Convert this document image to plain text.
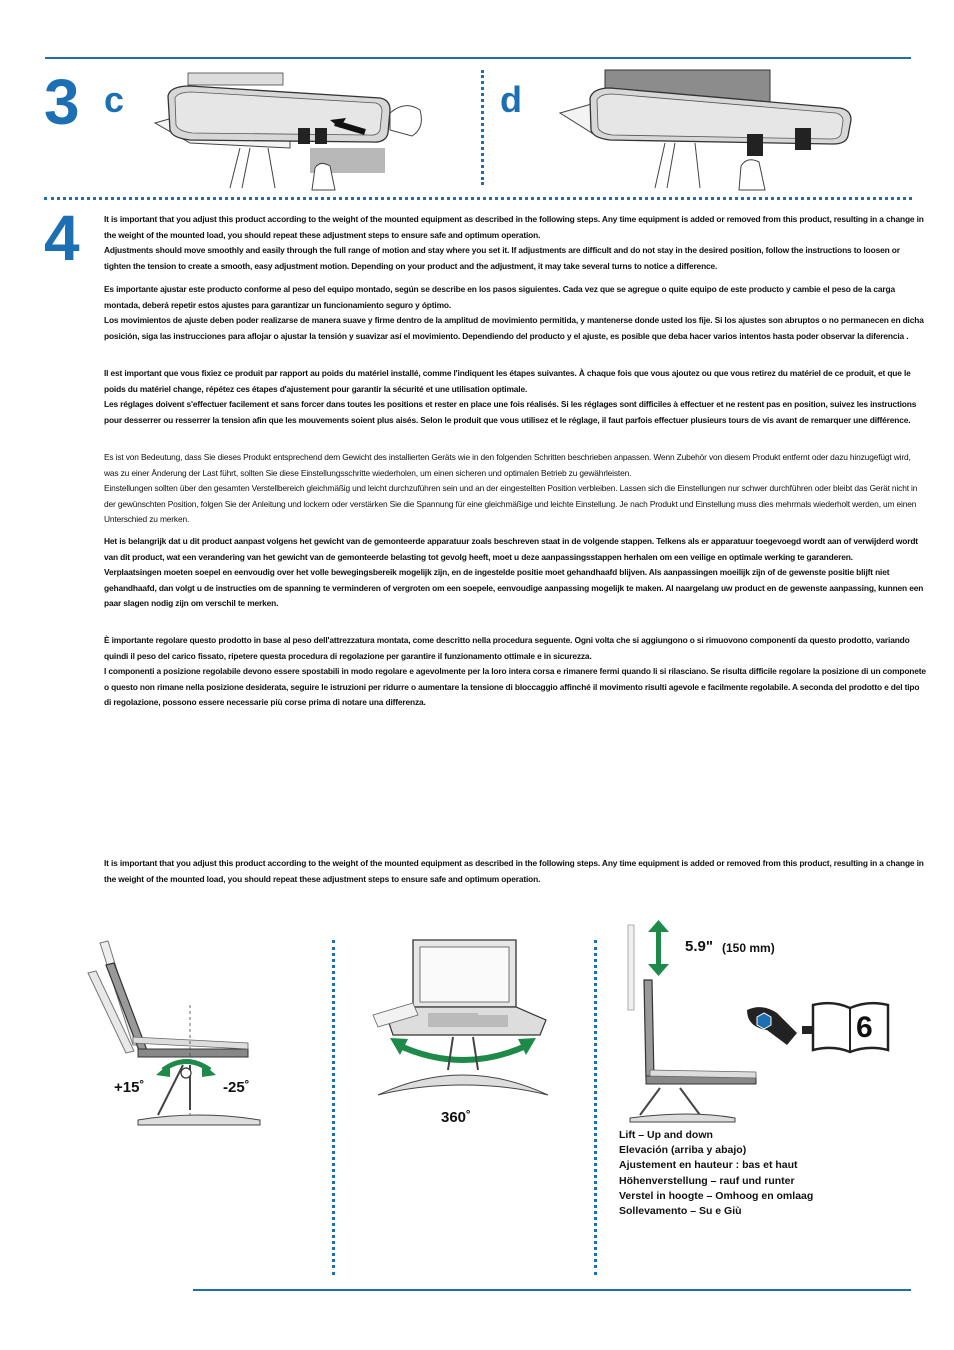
3 c	d
4	It is important that you adjust this product according to the weight of the mounted equipment as described in the following steps. Any time equipment is added or removed from this product, resulting in a change in the weight of the mounted load, you should repeat these adjustment steps to ensure safe and optimum operation.

Adjustments should move smoothly and easily through the full range of motion and stay where you set it. If adjustments are difficult and do not stay in the desired position, follow the instructions to loosen or tighten the tension to create a smooth, easy adjustment motion. Depending on your product and the adjustment, it may take several turns to notice a difference.

Es importante ajustar este producto conforme al peso del equipo montado, según se describe en los pasos siguientes. Cada vez que se agregue o quite equipo de este producto y cambie el peso de la carga montada, deberá repetir estos ajustes para garantizar un funcionamiento seguro y óptimo.

Los movimientos de ajuste deben poder realizarse de manera suave y firme dentro de la amplitud de movimiento permitida, y mantenerse donde usted los fije. Si los ajustes son abruptos o no permanecen en dicha posición, siga las instrucciones para aflojar o ajustar la tensión y suavizar así el movimiento. Dependiendo del producto y el ajuste, es posible que deba hacer varios intentos hasta poder observar la diferencia .

Il est important que vous fixiez ce produit par rapport au poids du matériel installé, comme l'indiquent les étapes suivantes. À chaque fois que vous ajoutez ou que vous retirez du matériel de ce produit, et que le poids du matériel change, répétez ces étapes d'ajustement pour garantir la sécurité et une utilisation optimale.

Les réglages doivent s'effectuer facilement et sans forcer dans toutes les positions et rester en place une fois réalisés. Si les réglages sont difficiles à effectuer et ne restent pas en position, suivez les instructions pour desserrer ou resserrer la tension afin que les mouvements soient plus aisés. Selon le produit que vous utilisez et le réglage, il faut parfois effectuer plusieurs tours de vis avant de remarquer une différence.

Es ist von Bedeutung, dass Sie dieses Produkt entsprechend dem Gewicht des installierten Geräts wie in den folgenden Schritten beschrieben anpassen. Wenn Zubehör von diesem Produkt entfernt oder dazu hinzugefügt wird, was zu einer Änderung der Last führt, sollten Sie diese Einstellungsschritte wiederholen, um einen sicheren und optimalen Betrieb zu gewährleisten.

Einstellungen sollten über den gesamten Verstellbereich gleichmäßig und leicht durchzuführen sein und an der eingestellten Position verbleiben. Lassen sich die Einstellungen nur schwer durchführen oder bleibt das Gerät nicht in der gewünschten Position, folgen Sie der Anleitung und lockern oder verstärken Sie die Spannung für eine gleichmäßige und leichte Einstellung. Je nach Produkt und Einstellung muss dies mehrmals wiederholt werden, um einen Unterschied zu merken.

Het is belangrijk dat u dit product aanpast volgens het gewicht van de gemonteerde apparatuur zoals beschreven staat in de volgende stappen. Telkens als er apparatuur toegevoegd wordt aan of verwijderd wordt van dit product, wat een verandering van het gewicht van de gemonteerde belasting tot gevolg heeft, moet u deze aanpassingsstappen herhalen om een veilige en optimale werking te garanderen.

Verplaatsingen moeten soepel en eenvoudig over het volle bewegingsbereik mogelijk zijn, en de ingestelde positie moet gehandhaafd blijven. Als aanpassingen moeilijk zijn of de gewenste positie blijft niet gehandhaafd, dan volgt u de instructies om de spanning te verminderen of vergroten om een soepele, eenvoudige aanpassing mogelijk te maken. Al naargelang uw product en de gewenste aanpassing, kunnen een paar slagen nodig zijn om verschil te merken.

È importante regolare questo prodotto in base al peso dell'attrezzatura montata, come descritto nella procedura seguente. Ogni volta che si aggiungono o si rimuovono componenti da questo prodotto, variando quindi il peso del carico fissato, ripetere questa procedura di regolazione per garantire il funzionamento ottimale e in sicurezza.

I componenti a posizione regolabile devono essere spostabili in modo regolare e agevolmente per la loro intera corsa e rimanere fermi quando li si rilasciano. Se risulta difficile regolare la posizione di un componete o questo non rimane nella posizione desiderata, seguire le istruzioni per ridurre o aumentare la tensione di bloccaggio affinché il movimento risulti agevole e facilmente regolabile. A seconda del prodotto e del tipo di regolazione, possono essere necessarie più corse prima di notare una differenza.

It is important that you adjust this product according to the weight of the mounted equipment as described in the following steps. Any time equipment is added or removed from this product, resulting in a change in the weight of the mounted load, you should repeat these adjustment steps to ensure safe and optimum operation.
+15˚	-25˚
360˚
5.9" (150 mm)
6

Lift – Up and down

Elevación (arriba y abajo)

Ajustement en hauteur : bas et haut

Höhenverstellung – rauf und runter

Verstel in hoogte – Omhoog en omlaag

Sollevamento – Su e Giù
